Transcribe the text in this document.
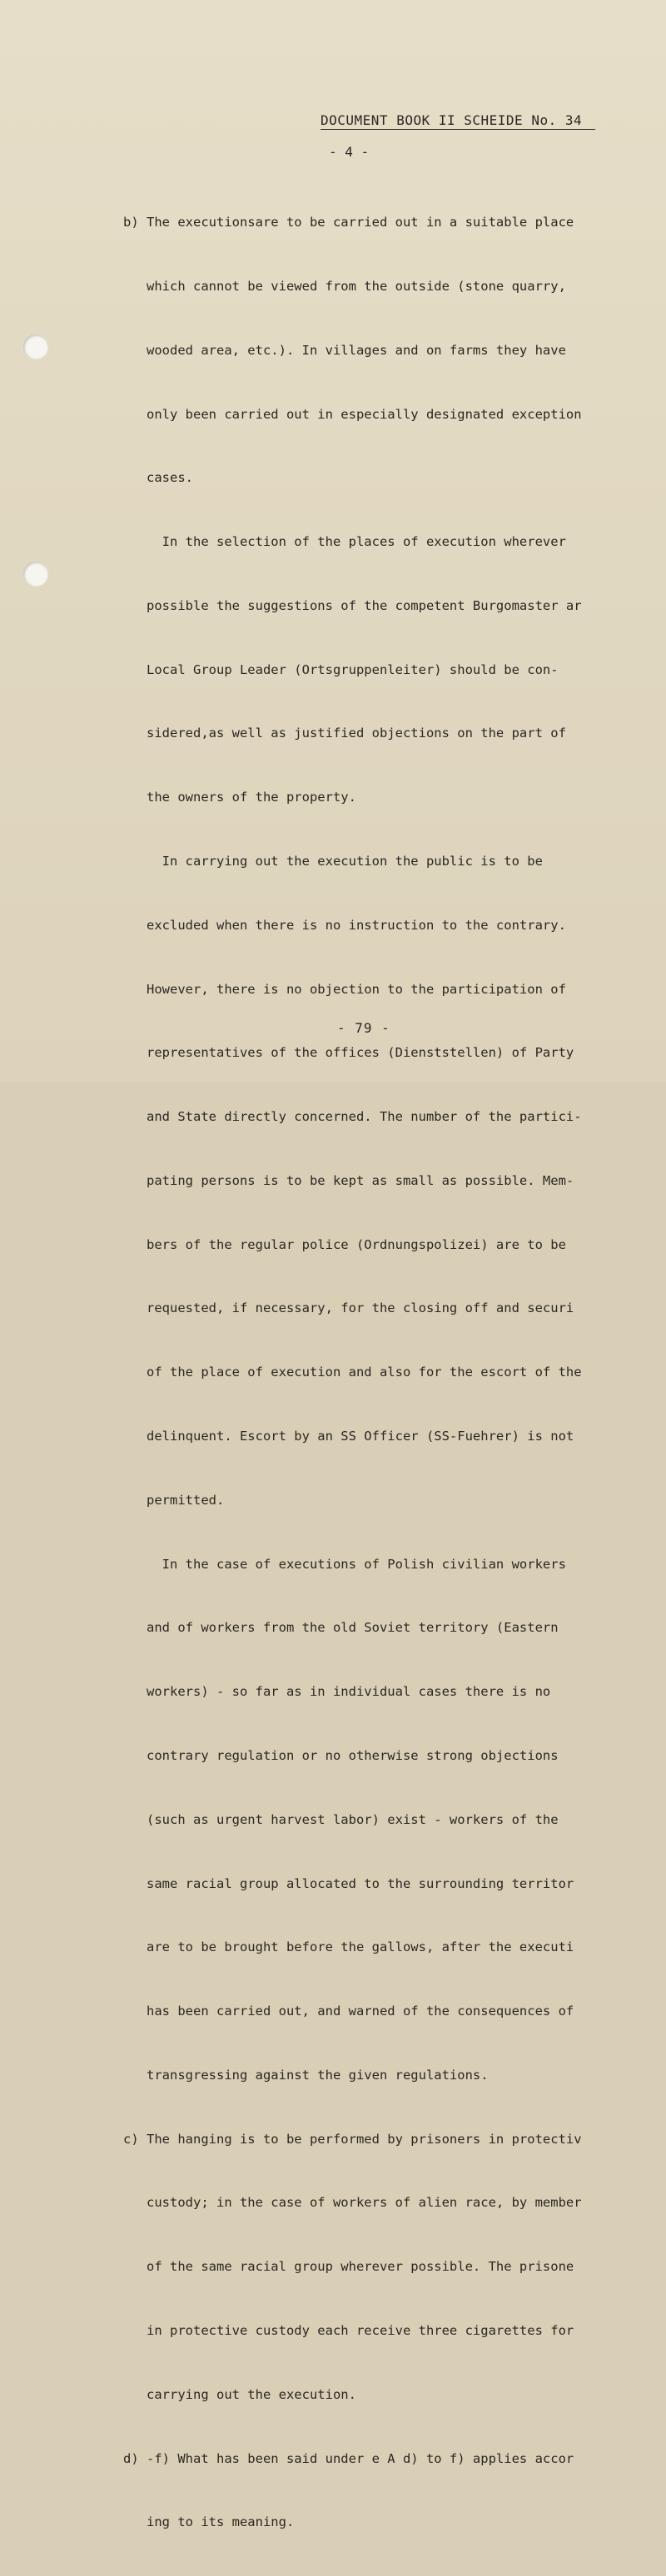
DOCUMENT BOOK II SCHEIDE No. 34
- 4 -

b) The executionsare to be carried out in a suitable place

which cannot be viewed from the outside (stone quarry,

wooded area, etc.). In villages and on farms they have

only been carried out in especially designated exception

cases.

In the selection of the places of execution wherever

possible the suggestions of the competent Burgomaster ar

Local Group Leader (Ortsgruppenleiter) should be con-

sidered,as well as justified objections on the part of

the owners of the property.

In carrying out the execution the public is to be

excluded when there is no instruction to the contrary.

However, there is no objection to the participation of

representatives of the offices (Dienststellen) of Party

and State directly concerned. The number of the partici-

pating persons is to be kept as small as possible. Mem-

bers of the regular police (Ordnungspolizei) are to be

requested, if necessary, for the closing off and securi

of the place of execution and also for the escort of the

delinquent. Escort by an SS Officer (SS-Fuehrer) is not

permitted.

In the case of executions of Polish civilian workers

and of workers from the old Soviet territory (Eastern

workers) - so far as in individual cases there is no

contrary regulation or no otherwise strong objections

(such as urgent harvest labor) exist - workers of the

same racial group allocated to the surrounding territor

are to be brought before the gallows, after the executi

has been carried out, and warned of the consequences of

transgressing against the given regulations.

c) The hanging is to be performed by prisoners in protectiv

custody; in the case of workers of alien race, by member

of the same racial group wherever possible. The prisone

in protective custody each receive three cigarettes for

carrying out the execution.

d) -f) What has been said under e A d) to f) applies accor

ing to its meaning.

- 79 -
